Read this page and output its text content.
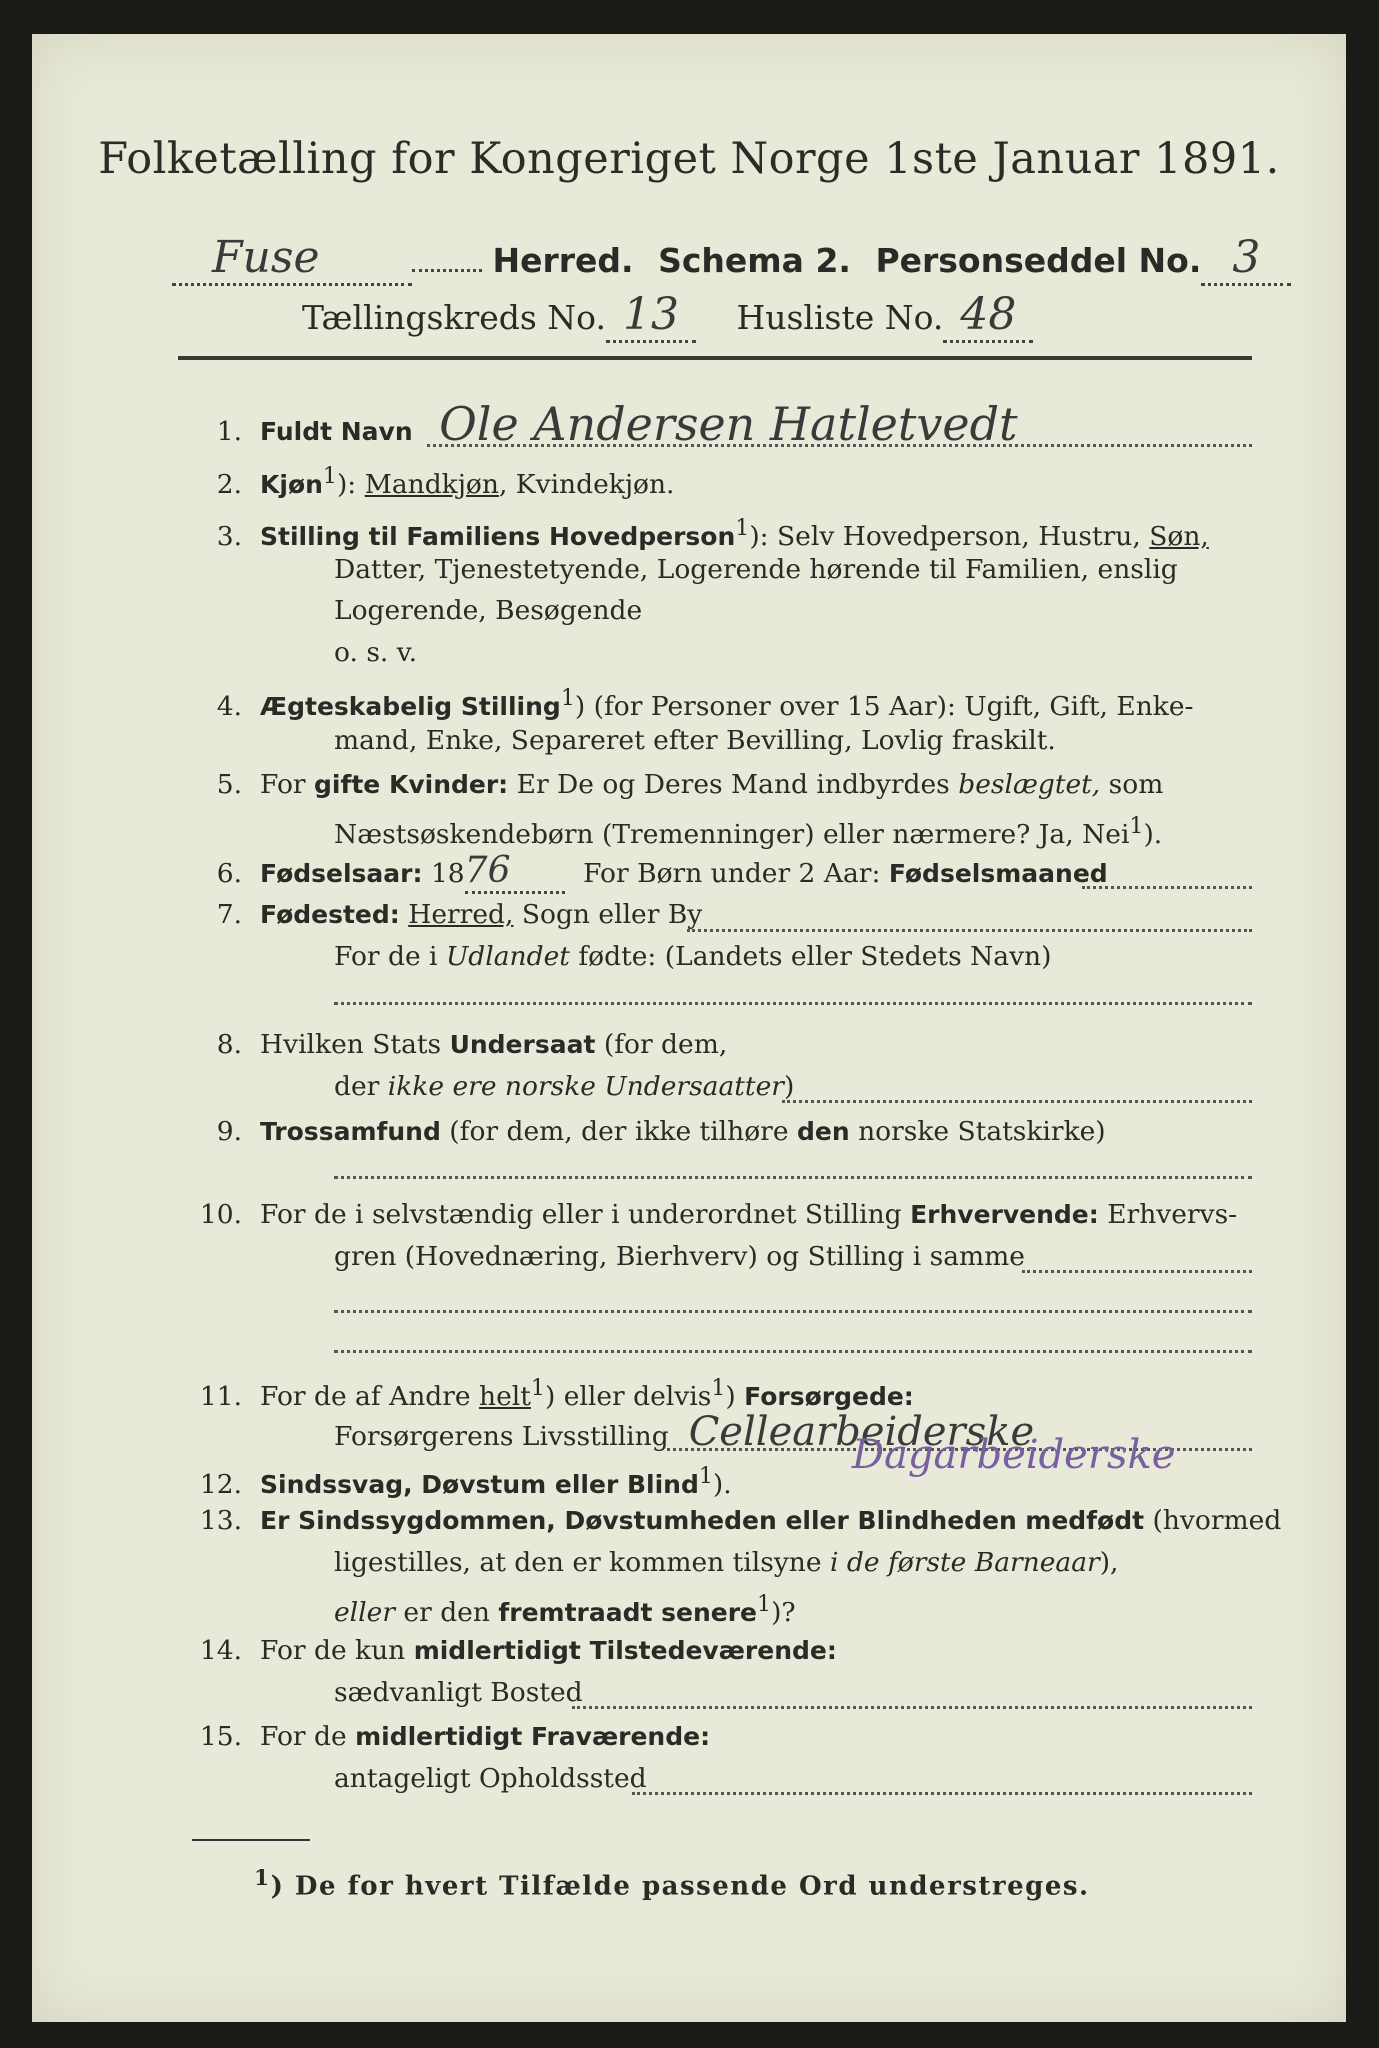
Folketælling for Kongeriget Norge 1ste Januar 1891.
Fuse	Herred. Schema 2. Personseddel No. 3
Tællingskreds No. 13 Husliste No. 48
1. Fuldt Navn Ole Andersen Hatletvedt
2. Kjøn$^1$): Mandkjøn, Kvindekjøn.
3. Stilling til Familiens Hovedperson$^1$): Selv Hovedperson, Hustru, Søn,
Datter, Tjenestetyende, Logerende hørende til Familien, enslig
Logerende, Besøgende
o. s. v.
4. Ægteskabelig Stilling$^1$) (for Personer over 15 Aar): Ugift, Gift, Enke-
mand, Enke, Separeret efter Bevilling, Lovlig fraskilt.
5. For gifte Kvinder: Er De og Deres Mand indbyrdes beslægtet, som
Næstsøskendebørn (Tremenninger) eller nærmere? Ja, Nei$^1$).
6. Fødselsaar: 1876	For Børn under 2 Aar: Fødselsmaaned
7. Fødested: Herred, Sogn eller By
For de i Udlandet fødte: (Landets eller Stedets Navn)
8. Hvilken Stats Undersaat (for dem,
der ikke ere norske Undersaatter)
9. Trossamfund (for dem, der ikke tilhøre den norske Statskirke)
10. For de i selvstændig eller i underordnet Stilling Erhvervende: Erhvervs-
gren (Hovednæring, Bierhverv) og Stilling i samme
11. For de af Andre helt$^1$) eller delvis$^1$) Forsørgede:
Forsørgerens Livsstilling Cellearbeiderske
12. Sindssvag, Døvstum eller Blind$^1$).
Dagarbeiderske
13. Er Sindssygdommen, Døvstumheden eller Blindheden medfødt (hvormed
ligestilles, at den er kommen tilsyne i de første Barneaar),
eller er den fremtraadt senere$^1$)?
14. For de kun midlertidigt Tilstedeværende:
sædvanligt Bosted
15. For de midlertidigt Fraværende:
antageligt Opholdssted
$^1$) De for hvert Tilfælde passende Ord understreges.
